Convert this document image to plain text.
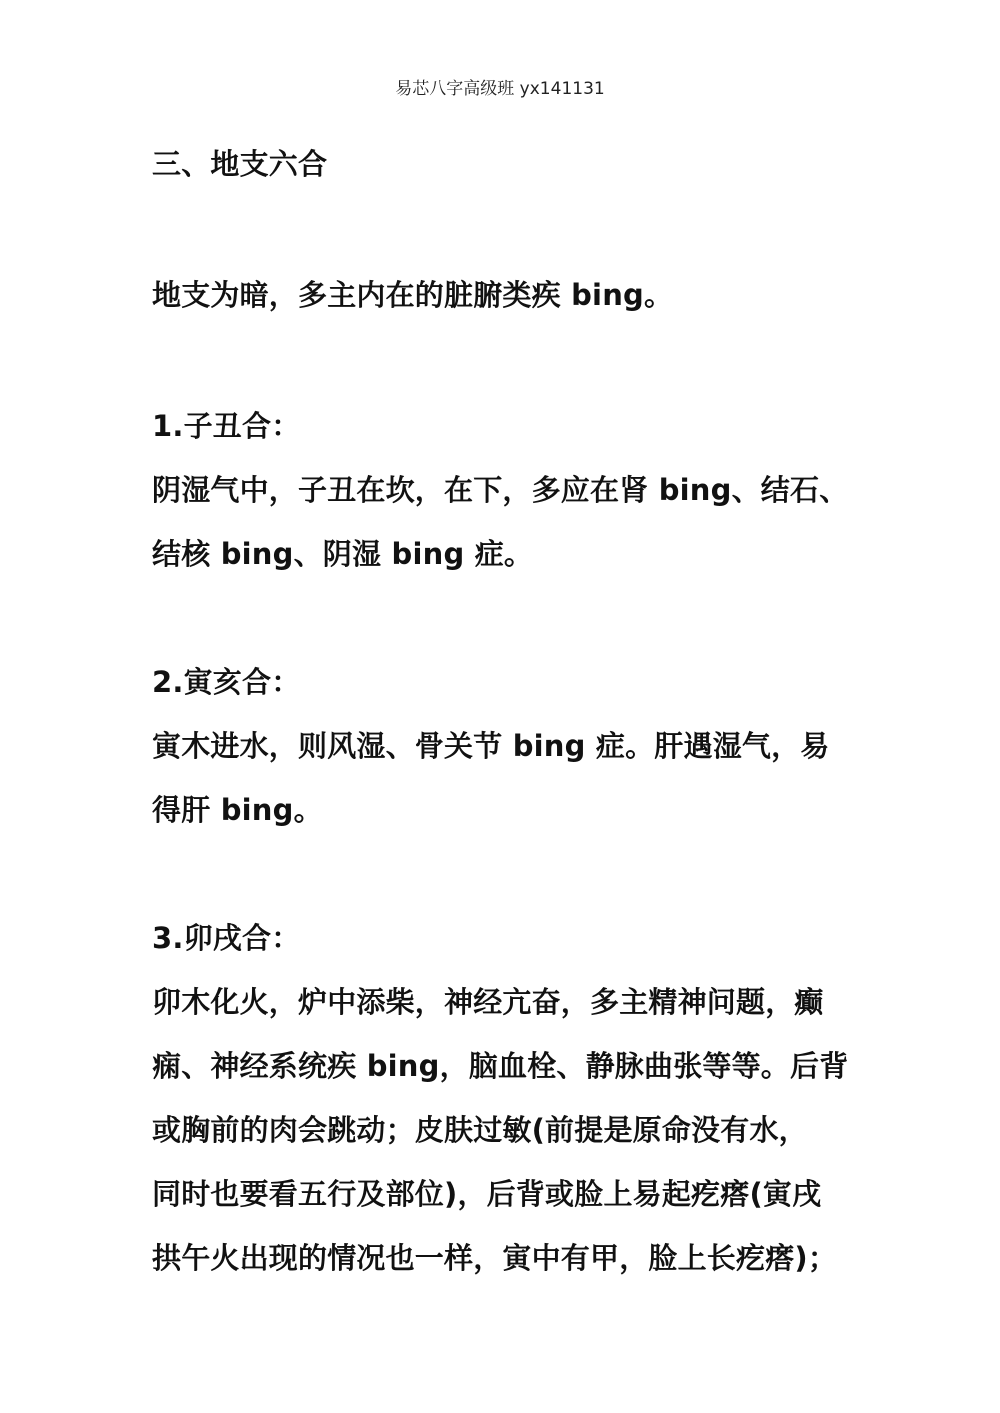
易芯八字高级班 yx141131

三、地支六合

地支为暗，多主内在的脏腑类疾 bing。

1.子丑合：

阴湿气中，子丑在坎，在下，多应在肾 bing、结石、

结核 bing、阴湿 bing 症。

2.寅亥合：

寅木进水，则风湿、骨关节 bing 症。肝遇湿气，易

得肝 bing。

3.卯戌合：

卯木化火，炉中添柴，神经亢奋，多主精神问题，癫

痫、神经系统疾 bing，脑血栓、静脉曲张等等。后背

或胸前的肉会跳动；皮肤过敏(前提是原命没有水，

同时也要看五行及部位)，后背或脸上易起疙瘩(寅戌

拱午火出现的情况也一样，寅中有甲，脸上长疙瘩)；
